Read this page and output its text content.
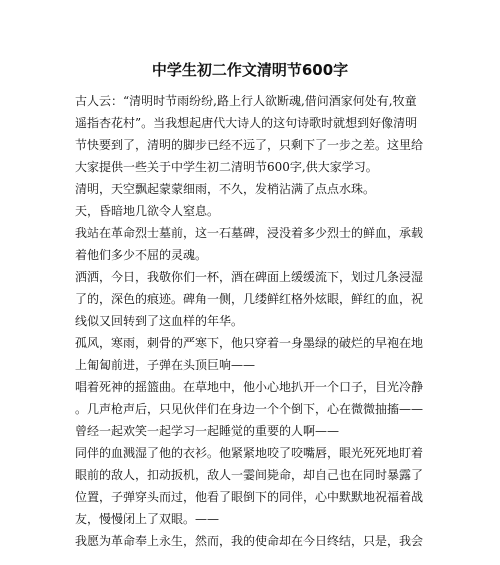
中学生初二作文清明节600字
古人云：“清明时节雨纷纷,路上行人欲断魂,借问酒家何处有,牧童
遥指杏花村”。当我想起唐代大诗人的这句诗歌时就想到好像清明
节快要到了，清明的脚步已经不远了，只剩下了一步之差。这里给
大家提供一些关于中学生初二清明节600字,供大家学习。
清明，天空飘起蒙蒙细雨，不久，发梢沾满了点点水珠。
天，昏暗地几欲令人窒息。
我站在革命烈士墓前，这一石墓碑，浸没着多少烈士的鲜血，承载
着他们多少不屈的灵魂。
洒洒，今日，我敬你们一杯，酒在碑面上缓缓流下，划过几条浸湿
了的，深色的痕迹。碑角一侧，几缕鲜红格外炫眼，鲜红的血，祝
线似又回转到了这血样的年华。
孤风，寒雨，刺骨的严寒下，他只穿着一身墨绿的破烂的早袍在地
上匍匐前进，子弹在头顶巨响——
唱着死神的摇篮曲。在草地中，他小心地扒开一个口子，目光冷静
。几声枪声后，只见伙伴们在身边一个个倒下，心在微微抽搐——
曾经一起欢笑一起学习一起睡觉的重要的人啊——
同伴的血溅湿了他的衣衫。他紧紧地咬了咬嘴唇，眼光死死地盯着
眼前的敌人，扣动扳机，敌人一霎间毙命，却自己也在同时暴露了
位置，子弹穿头而过，他看了眼倒下的同伴，心中默默地祝福着战
友，慢慢闭上了双眼。——
我愿为革命奉上永生，然而，我的使命却在今日终结，只是，我会
